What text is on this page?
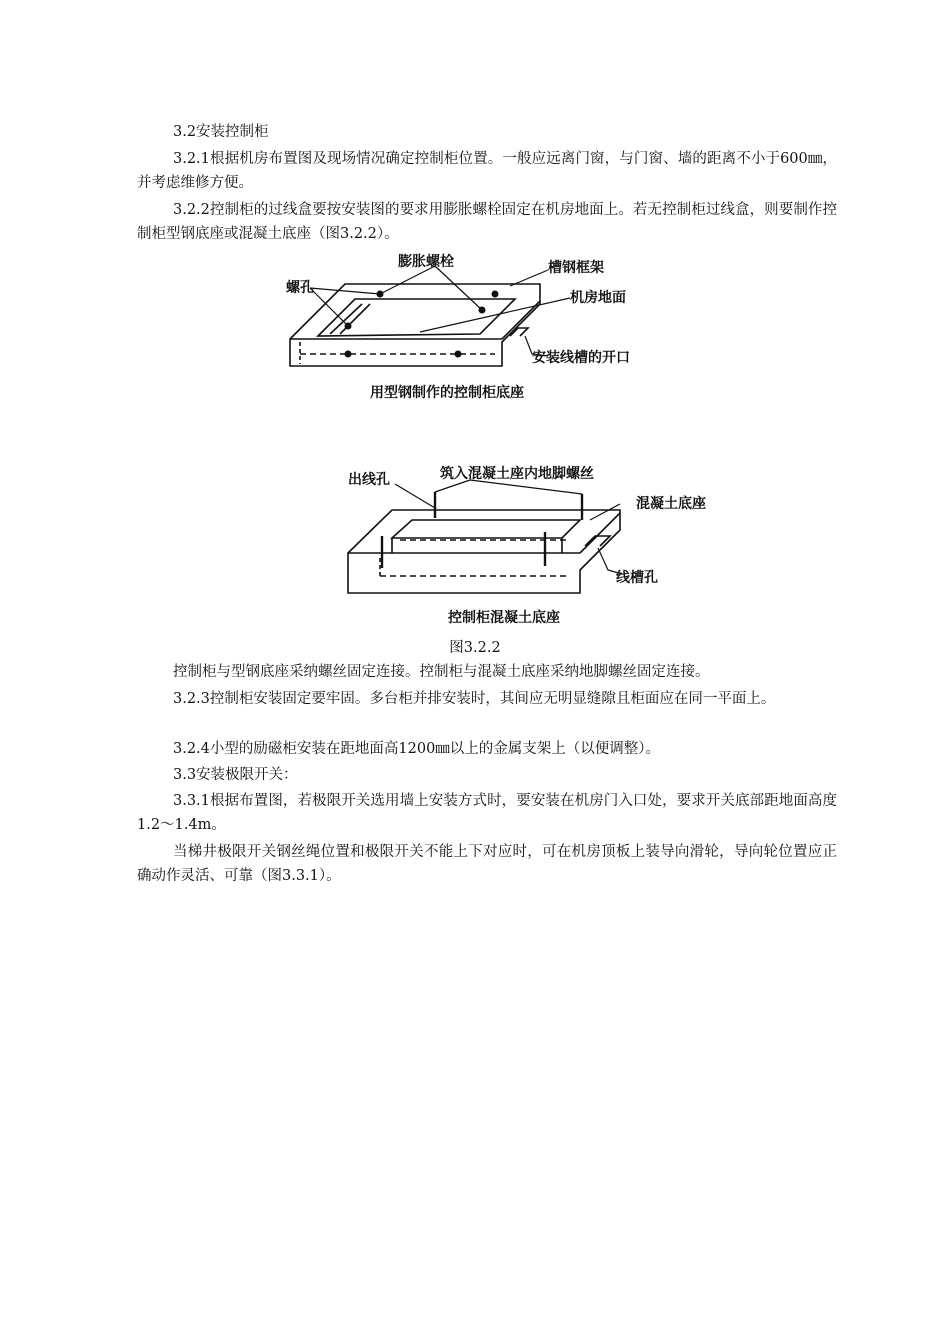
3.2安装控制柜

3.2.1根据机房布置图及现场情况确定控制柜位置。一般应远离门窗，与门窗、墙的距离不小于600㎜，并考虑维修方便。

3.2.2控制柜的过线盒要按安装图的要求用膨胀螺栓固定在机房地面上。若无控制柜过线盒，则要制作控制柜型钢底座或混凝土底座（图3.2.2）。

膨胀螺栓	槽钢框架
螺孔
机房地面
安装线槽的开口
用型钢制作的控制柜底座
出线孔	筑入混凝土座内地脚螺丝
混凝土底座
线槽孔
控制柜混凝土底座
图3.2.2

控制柜与型钢底座采纳螺丝固定连接。控制柜与混凝土底座采纳地脚螺丝固定连接。

3.2.3控制柜安装固定要牢固。多台柜并排安装时，其间应无明显缝隙且柜面应在同一平面上。

3.2.4小型的励磁柜安装在距地面高1200㎜以上的金属支架上（以便调整）。

3.3安装极限开关：

3.3.1根据布置图，若极限开关选用墙上安装方式时，要安装在机房门入口处，要求开关底部距地面高度1.2～1.4m。

当梯井极限开关钢丝绳位置和极限开关不能上下对应时，可在机房顶板上装导向滑轮，导向轮位置应正确动作灵活、可靠（图3.3.1）。
